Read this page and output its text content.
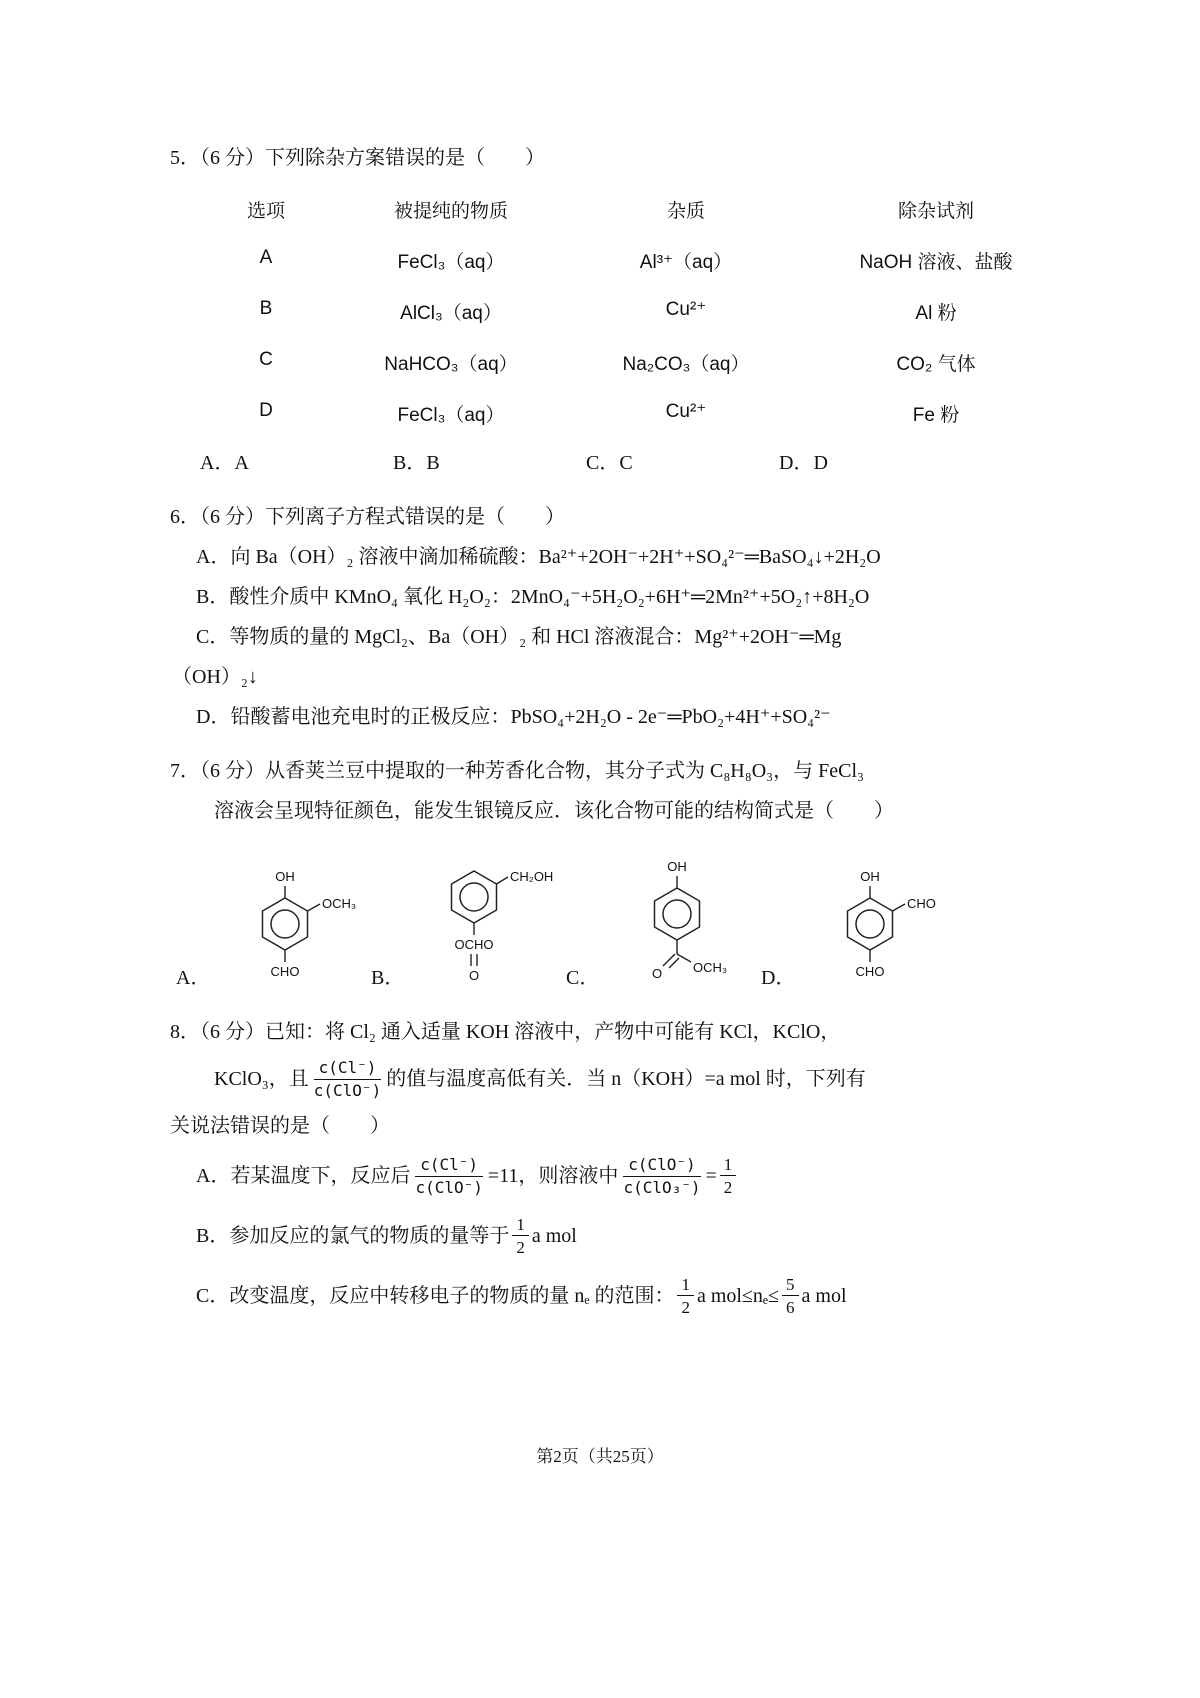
5．（6 分）下列除杂方案错误的是（　　）

选项	被提纯的物质	杂质	除杂试剂
A	FeCl₃（aq）	Al³⁺（aq）	NaOH 溶液、盐酸
B	AlCl₃（aq）	Cu²⁺	Al 粉
C	NaHCO₃（aq）	Na₂CO₃（aq）	CO₂ 气体
D	FeCl₃（aq）	Cu²⁺	Fe 粉
A．A	B．B	C．C	D．D

6．（6 分）下列离子方程式错误的是（　　）

A．向 Ba（OH）₂ 溶液中滴加稀硫酸：Ba²⁺+2OH⁻+2H⁺+SO₄²⁻═BaSO₄↓+2H₂O

B．酸性介质中 KMnO₄ 氧化 H₂O₂：2MnO₄⁻+5H₂O₂+6H⁺═2Mn²⁺+5O₂↑+8H₂O

C．等物质的量的 MgCl₂、Ba（OH）₂ 和 HCl 溶液混合：Mg²⁺+2OH⁻═Mg

（OH）₂↓

D．铅酸蓄电池充电时的正极反应：PbSO₄+2H₂O - 2e⁻═PbO₂+4H⁺+SO₄²⁻

7．（6 分）从香荚兰豆中提取的一种芳香化合物，其分子式为 C₈H₈O₃，与 FeCl₃

溶液会呈现特征颜色，能发生银镜反应．该化合物可能的结构简式是（　　）

A．
OH
OCH₃
CHO	B．
CH₂OH
OCHO
O	C．
OH
O OCH₃ D．
OH
CHO
CHO

8．（6 分）已知：将 Cl₂ 通入适量 KOH 溶液中，产物中可能有 KCl，KClO，

KClO₃，且 $\frac{c(Cl^-)}{\text{c(ClO⁻)}}$ 的值与温度高低有关．当 n（KOH）=a mol 时，下列有

关说法错误的是（　　）

A．若某温度下，反应后 $\frac{c(Cl^-)}{\text{c(ClO⁻)}} =11$，则溶液中 $\frac{\text{c(ClO⁻)}}{\text{c(ClO₃⁻)}} = \frac{1}{2}$
B．参加反应的氯气的物质的量等于 $\frac{1}{2}$ a mol
C．改变温度，反应中转移电子的物质的量 nₑ 的范围： $\frac{1}{2}$ a $mol\le n_e\le \frac{5}{6}$ a mol
第2页（共25页）
